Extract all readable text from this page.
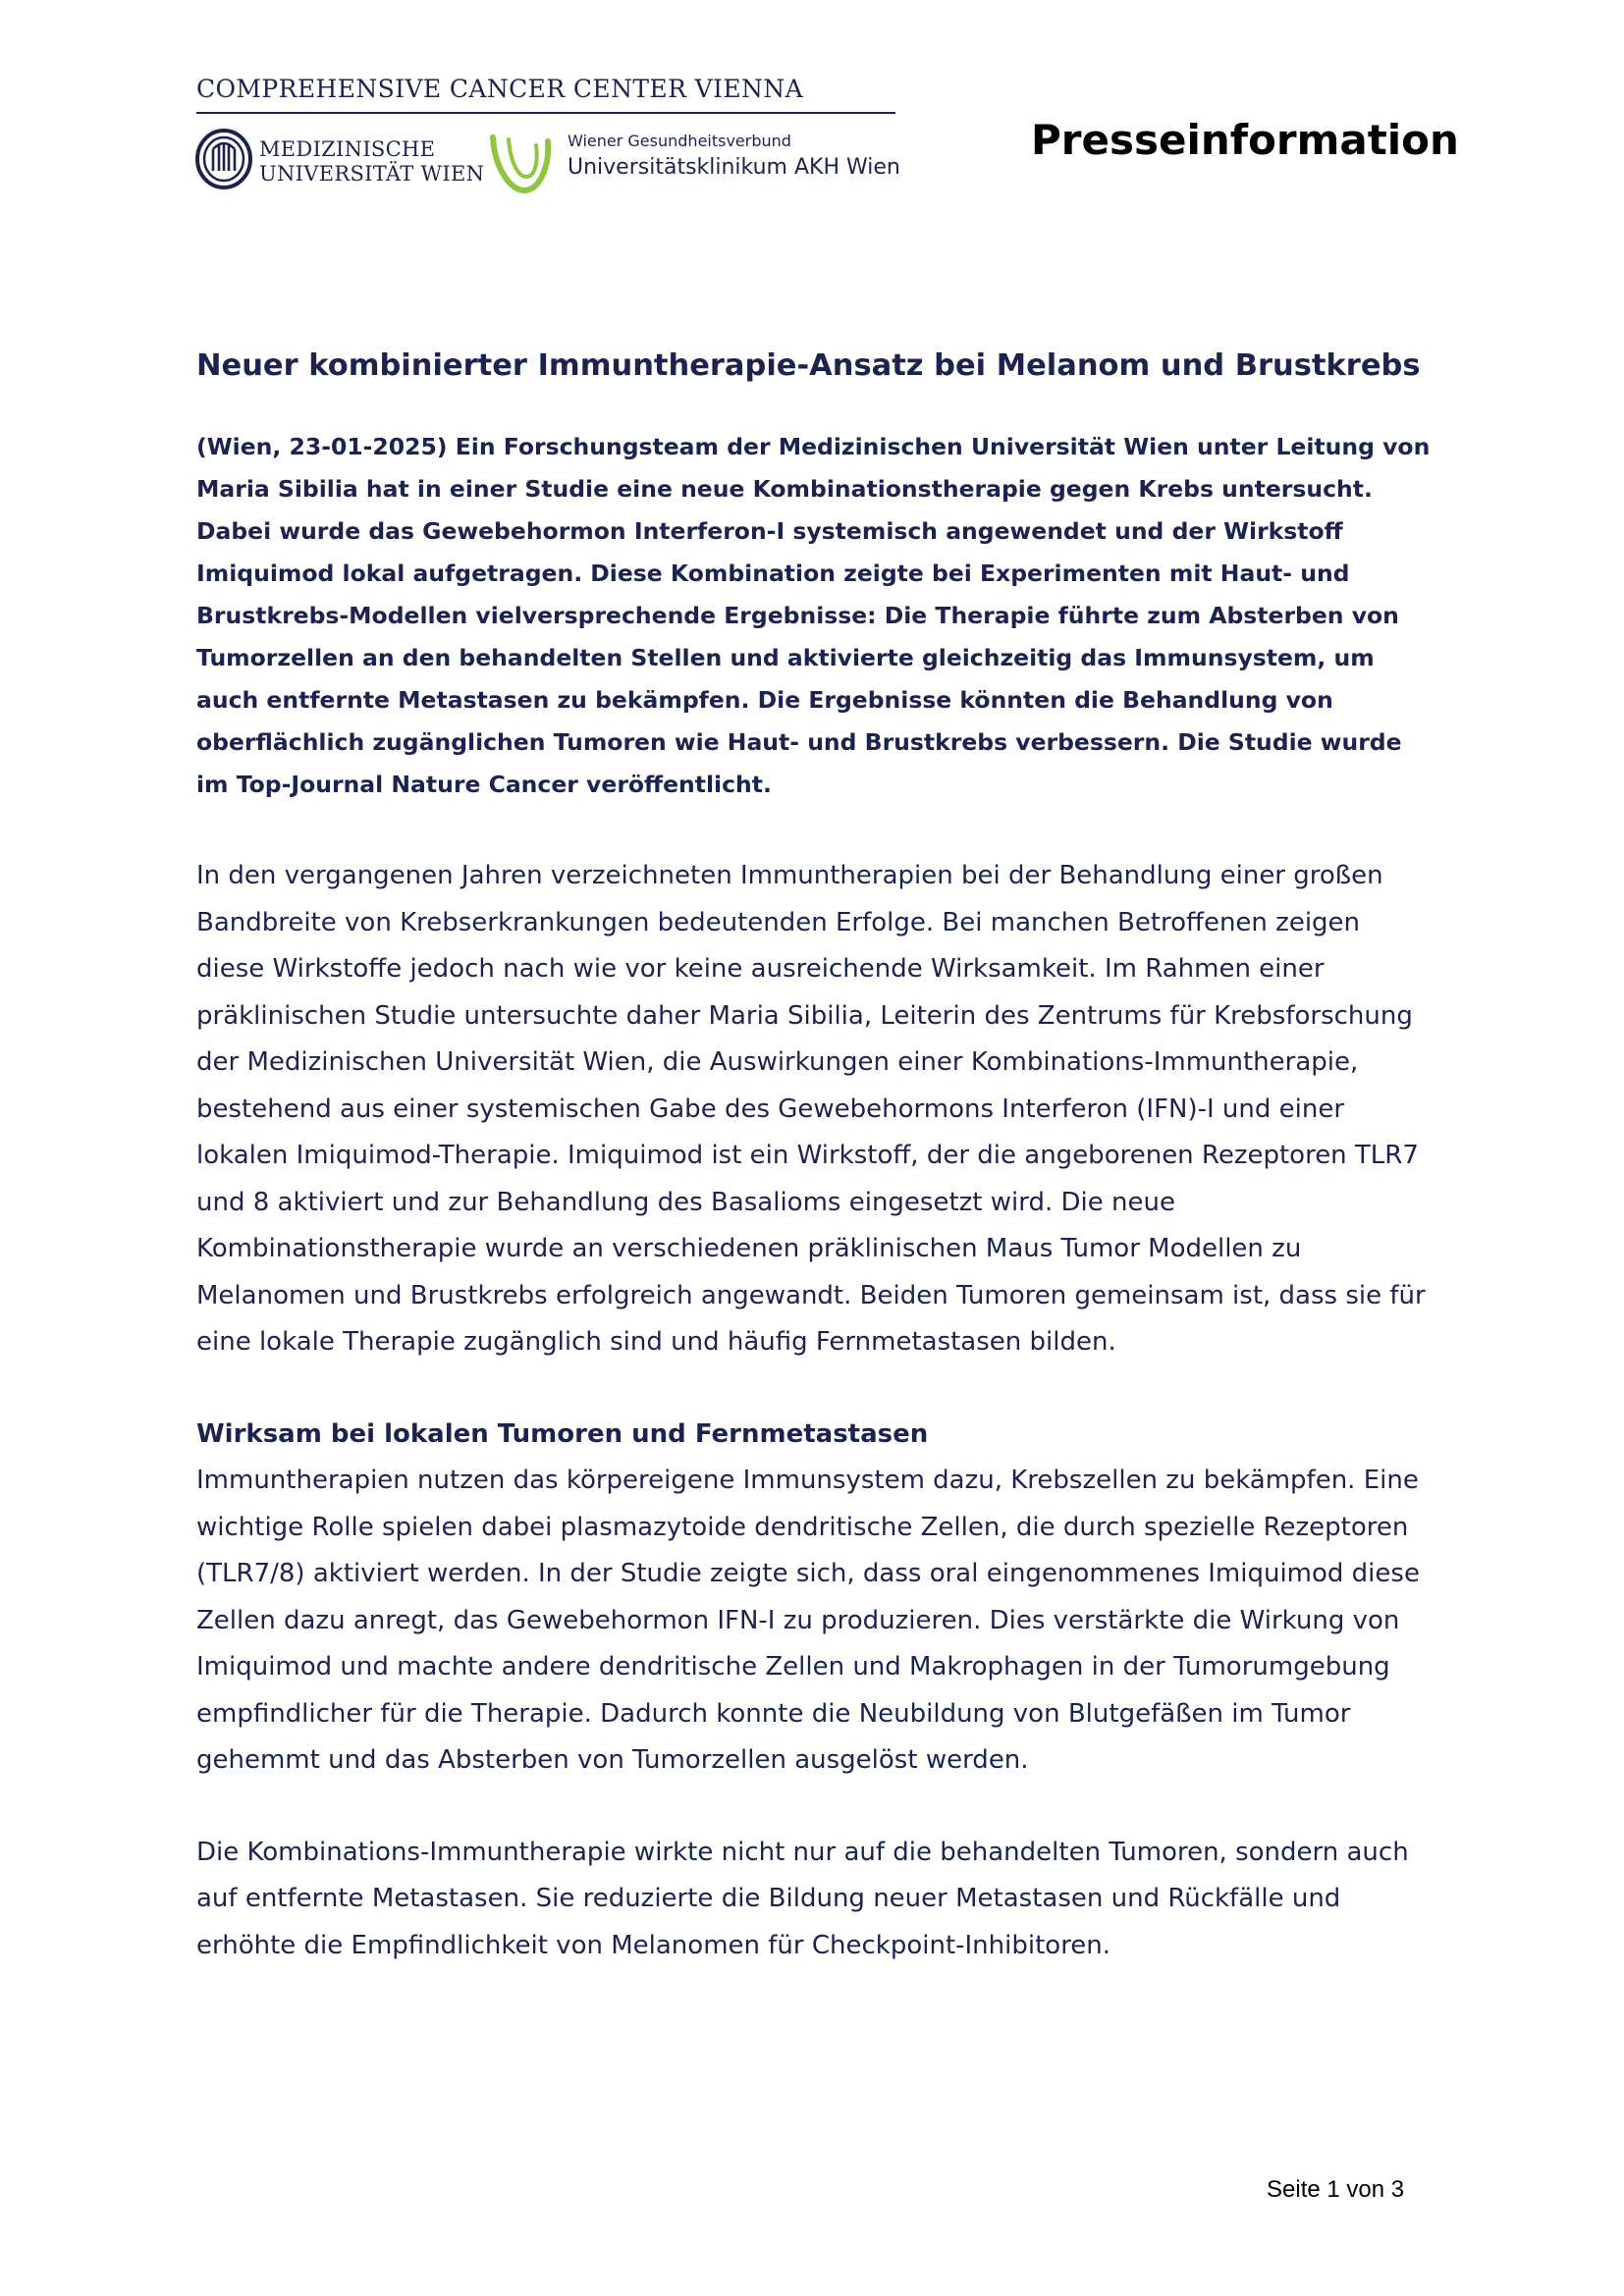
COMPREHENSIVE CANCER CENTER VIENNA
MEDIZINISCHE
UNIVERSITÄT WIEN
Wiener Gesundheitsverbund
Universitätsklinikum AKH Wien
Presseinformation
Neuer kombinierter Immuntherapie-Ansatz bei Melanom und Brustkrebs

(Wien, 23-01-2025) Ein Forschungsteam der Medizinischen Universität Wien unter Leitung von Maria Sibilia hat in einer Studie eine neue Kombinationstherapie gegen Krebs untersucht. Dabei wurde das Gewebehormon Interferon-I systemisch angewendet und der Wirkstoff Imiquimod lokal aufgetragen. Diese Kombination zeigte bei Experimenten mit Haut- und Brustkrebs-Modellen vielversprechende Ergebnisse: Die Therapie führte zum Absterben von Tumorzellen an den behandelten Stellen und aktivierte gleichzeitig das Immunsystem, um auch entfernte Metastasen zu bekämpfen. Die Ergebnisse könnten die Behandlung von oberflächlich zugänglichen Tumoren wie Haut- und Brustkrebs verbessern. Die Studie wurde im Top-Journal Nature Cancer veröffentlicht.

In den vergangenen Jahren verzeichneten Immuntherapien bei der Behandlung einer großen Bandbreite von Krebserkrankungen bedeutenden Erfolge. Bei manchen Betroffenen zeigen diese Wirkstoffe jedoch nach wie vor keine ausreichende Wirksamkeit. Im Rahmen einer präklinischen Studie untersuchte daher Maria Sibilia, Leiterin des Zentrums für Krebsforschung der Medizinischen Universität Wien, die Auswirkungen einer Kombinations-Immuntherapie, bestehend aus einer systemischen Gabe des Gewebehormons Interferon (IFN)-I und einer lokalen Imiquimod-Therapie. Imiquimod ist ein Wirkstoff, der die angeborenen Rezeptoren TLR7 und 8 aktiviert und zur Behandlung des Basalioms eingesetzt wird. Die neue Kombinationstherapie wurde an verschiedenen präklinischen Maus Tumor Modellen zu Melanomen und Brustkrebs erfolgreich angewandt. Beiden Tumoren gemeinsam ist, dass sie für eine lokale Therapie zugänglich sind und häufig Fernmetastasen bilden.

Wirksam bei lokalen Tumoren und Fernmetastasen

Immuntherapien nutzen das körpereigene Immunsystem dazu, Krebszellen zu bekämpfen. Eine wichtige Rolle spielen dabei plasmazytoide dendritische Zellen, die durch spezielle Rezeptoren (TLR7/8) aktiviert werden. In der Studie zeigte sich, dass oral eingenommenes Imiquimod diese Zellen dazu anregt, das Gewebehormon IFN-I zu produzieren. Dies verstärkte die Wirkung von Imiquimod und machte andere dendritische Zellen und Makrophagen in der Tumorumgebung empfindlicher für die Therapie. Dadurch konnte die Neubildung von Blutgefäßen im Tumor gehemmt und das Absterben von Tumorzellen ausgelöst werden.

Die Kombinations-Immuntherapie wirkte nicht nur auf die behandelten Tumoren, sondern auch auf entfernte Metastasen. Sie reduzierte die Bildung neuer Metastasen und Rückfälle und erhöhte die Empfindlichkeit von Melanomen für Checkpoint-Inhibitoren.

Seite 1 von 3
